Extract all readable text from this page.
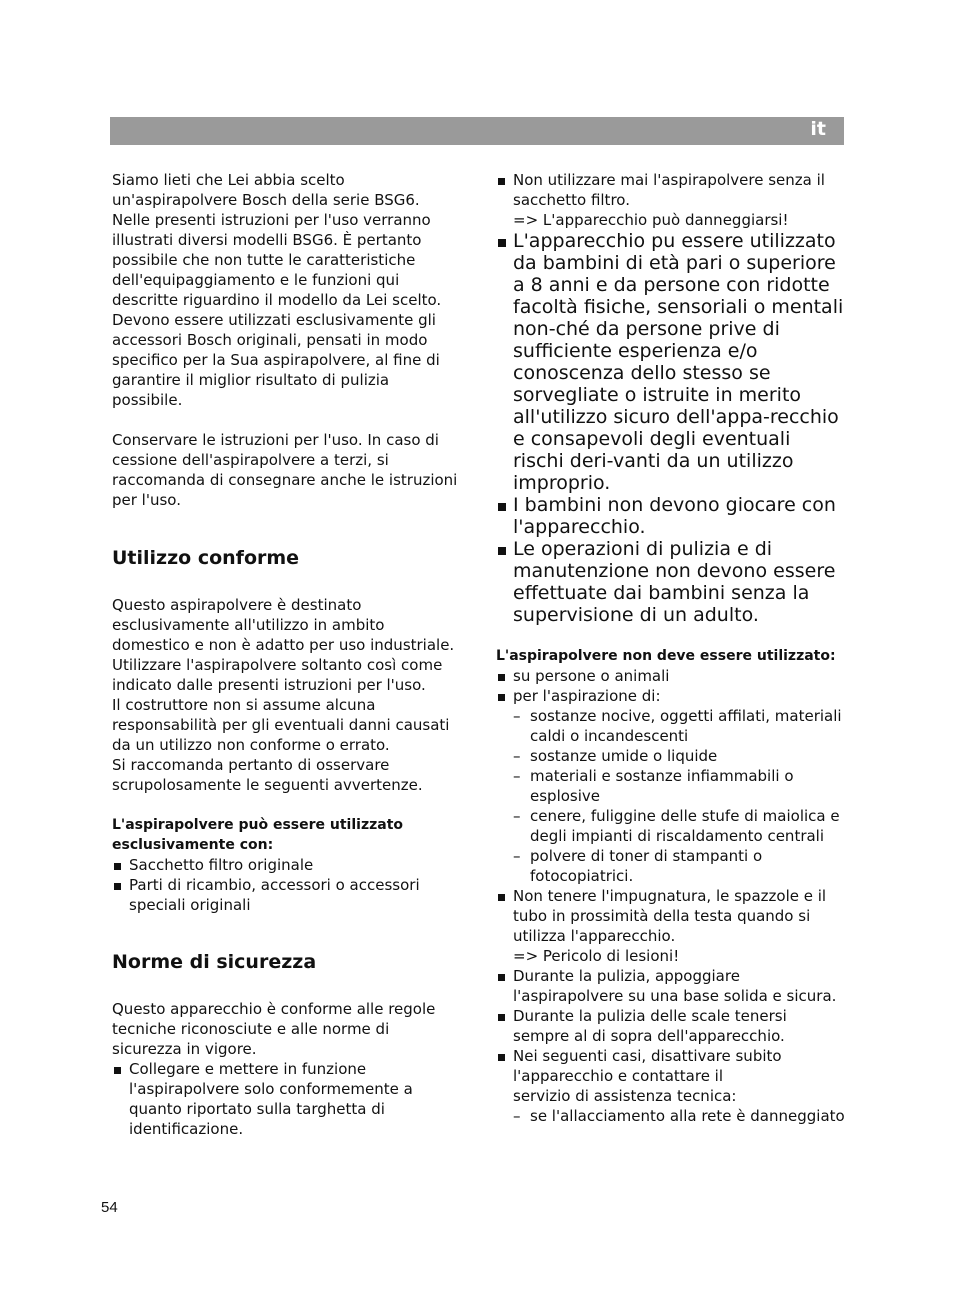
it

Siamo lieti che Lei abbia scelto un'aspirapolvere Bosch della serie BSG6. Nelle presenti istruzioni per l'uso verranno illustrati diversi modelli BSG6. È pertanto possibile che non tutte le caratteristiche dell'equipaggiamento e le funzioni qui descritte riguardino il modello da Lei scelto.

Devono essere utilizzati esclusivamente gli accessori Bosch originali, pensati in modo specifico per la Sua aspirapolvere, al fine di garantire il miglior risultato di pulizia possibile.

Conservare le istruzioni per l'uso. In caso di cessione dell'aspirapolvere a terzi, si raccomanda di consegnare anche le istruzioni per l'uso.

Utilizzo conforme

Questo aspirapolvere è destinato esclusivamente all'utilizzo in ambito domestico e non è adatto per uso industriale.

Utilizzare l'aspirapolvere soltanto così come indicato dalle presenti istruzioni per l'uso.

Il costruttore non si assume alcuna responsabilità per gli eventuali danni causati da un utilizzo non conforme o errato.

Si raccomanda pertanto di osservare scrupolosamente le seguenti avvertenze.

L'aspirapolvere può essere utilizzato esclusivamente con:

Sacchetto filtro originale
Parti di ricambio, accessori o accessori speciali originali
Norme di sicurezza

Questo apparecchio è conforme alle regole tecniche riconosciute e alle norme di sicurezza in vigore.

Collegare e mettere in funzione l'aspirapolvere solo conformemente a quanto riportato sulla targhetta di identificazione.
Non utilizzare mai l'aspirapolvere senza il sacchetto filtro.
=> L'apparecchio può danneggiarsi!
L'apparecchio pu essere utilizzato da bambini di età pari o superiore a 8 anni e da persone con ridotte facoltà fisiche, sensoriali o mentali non-ché da persone prive di sufficiente esperienza e/o conoscenza dello stesso se sorvegliate o istruite in merito all'utilizzo sicuro dell'appa-recchio e consapevoli degli eventuali rischi deri-vanti da un utilizzo improprio.
I bambini non devono giocare con l'apparecchio.
Le operazioni di pulizia e di manutenzione non devono essere effettuate dai bambini senza la supervisione di un adulto.

L'aspirapolvere non deve essere utilizzato:

su persone o animali
per l'aspirazione di:
– sostanze nocive, oggetti affilati, materiali caldi o incandescenti
– sostanze umide o liquide
– materiali e sostanze infiammabili o esplosive
– cenere, fuliggine delle stufe di maiolica e degli impianti di riscaldamento centrali
– polvere di toner di stampanti o fotocopiatrici.
Non tenere l'impugnatura, le spazzole e il tubo in prossimità della testa quando si utilizza l'apparecchio.
=> Pericolo di lesioni!
Durante la pulizia, appoggiare l'aspirapolvere su una base solida e sicura.
Durante la pulizia delle scale tenersi sempre al di sopra dell'apparecchio.
Nei seguenti casi, disattivare subito l'apparecchio e contattare il
servizio di assistenza tecnica:
– se l'allacciamento alla rete è danneggiato
54
